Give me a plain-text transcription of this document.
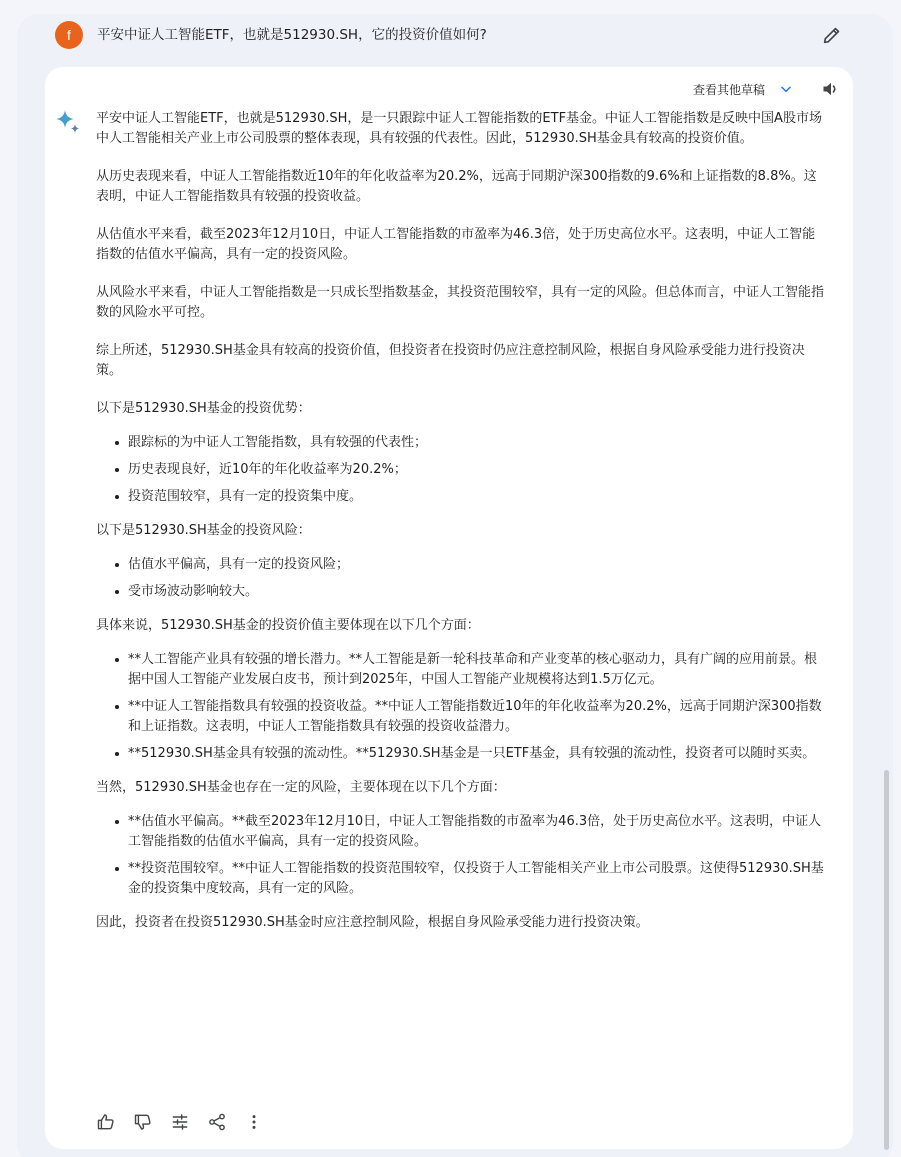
f	平安中证人工智能ETF，也就是512930.SH，它的投资价值如何?
查看其他草稿

平安中证人工智能ETF，也就是512930.SH，是一只跟踪中证人工智能指数的ETF基金。中证人工智能指数是反映中国A股市场中人工智能相关产业上市公司股票的整体表现，具有较强的代表性。因此，512930.SH基金具有较高的投资价值。

从历史表现来看，中证人工智能指数近10年的年化收益率为20.2%，远高于同期沪深300指数的9.6%和上证指数的8.8%。这表明，中证人工智能指数具有较强的投资收益。

从估值水平来看，截至2023年12月10日，中证人工智能指数的市盈率为46.3倍，处于历史高位水平。这表明，中证人工智能指数的估值水平偏高，具有一定的投资风险。

从风险水平来看，中证人工智能指数是一只成长型指数基金，其投资范围较窄，具有一定的风险。但总体而言，中证人工智能指数的风险水平可控。

综上所述，512930.SH基金具有较高的投资价值，但投资者在投资时仍应注意控制风险，根据自身风险承受能力进行投资决策。

以下是512930.SH基金的投资优势：

跟踪标的为中证人工智能指数，具有较强的代表性；
历史表现良好，近10年的年化收益率为20.2%；
投资范围较窄，具有一定的投资集中度。

以下是512930.SH基金的投资风险：

估值水平偏高，具有一定的投资风险；
受市场波动影响较大。

具体来说，512930.SH基金的投资价值主要体现在以下几个方面：

**人工智能产业具有较强的增长潜力。**人工智能是新一轮科技革命和产业变革的核心驱动力，具有广阔的应用前景。根据中国人工智能产业发展白皮书，预计到2025年，中国人工智能产业规模将达到1.5万亿元。
**中证人工智能指数具有较强的投资收益。**中证人工智能指数近10年的年化收益率为20.2%，远高于同期沪深300指数和上证指数。这表明，中证人工智能指数具有较强的投资收益潜力。
**512930.SH基金具有较强的流动性。**512930.SH基金是一只ETF基金，具有较强的流动性，投资者可以随时买卖。

当然，512930.SH基金也存在一定的风险，主要体现在以下几个方面：

**估值水平偏高。**截至2023年12月10日，中证人工智能指数的市盈率为46.3倍，处于历史高位水平。这表明，中证人工智能指数的估值水平偏高，具有一定的投资风险。
**投资范围较窄。**中证人工智能指数的投资范围较窄，仅投资于人工智能相关产业上市公司股票。这使得512930.SH基金的投资集中度较高，具有一定的风险。

因此，投资者在投资512930.SH基金时应注意控制风险，根据自身风险承受能力进行投资决策。
